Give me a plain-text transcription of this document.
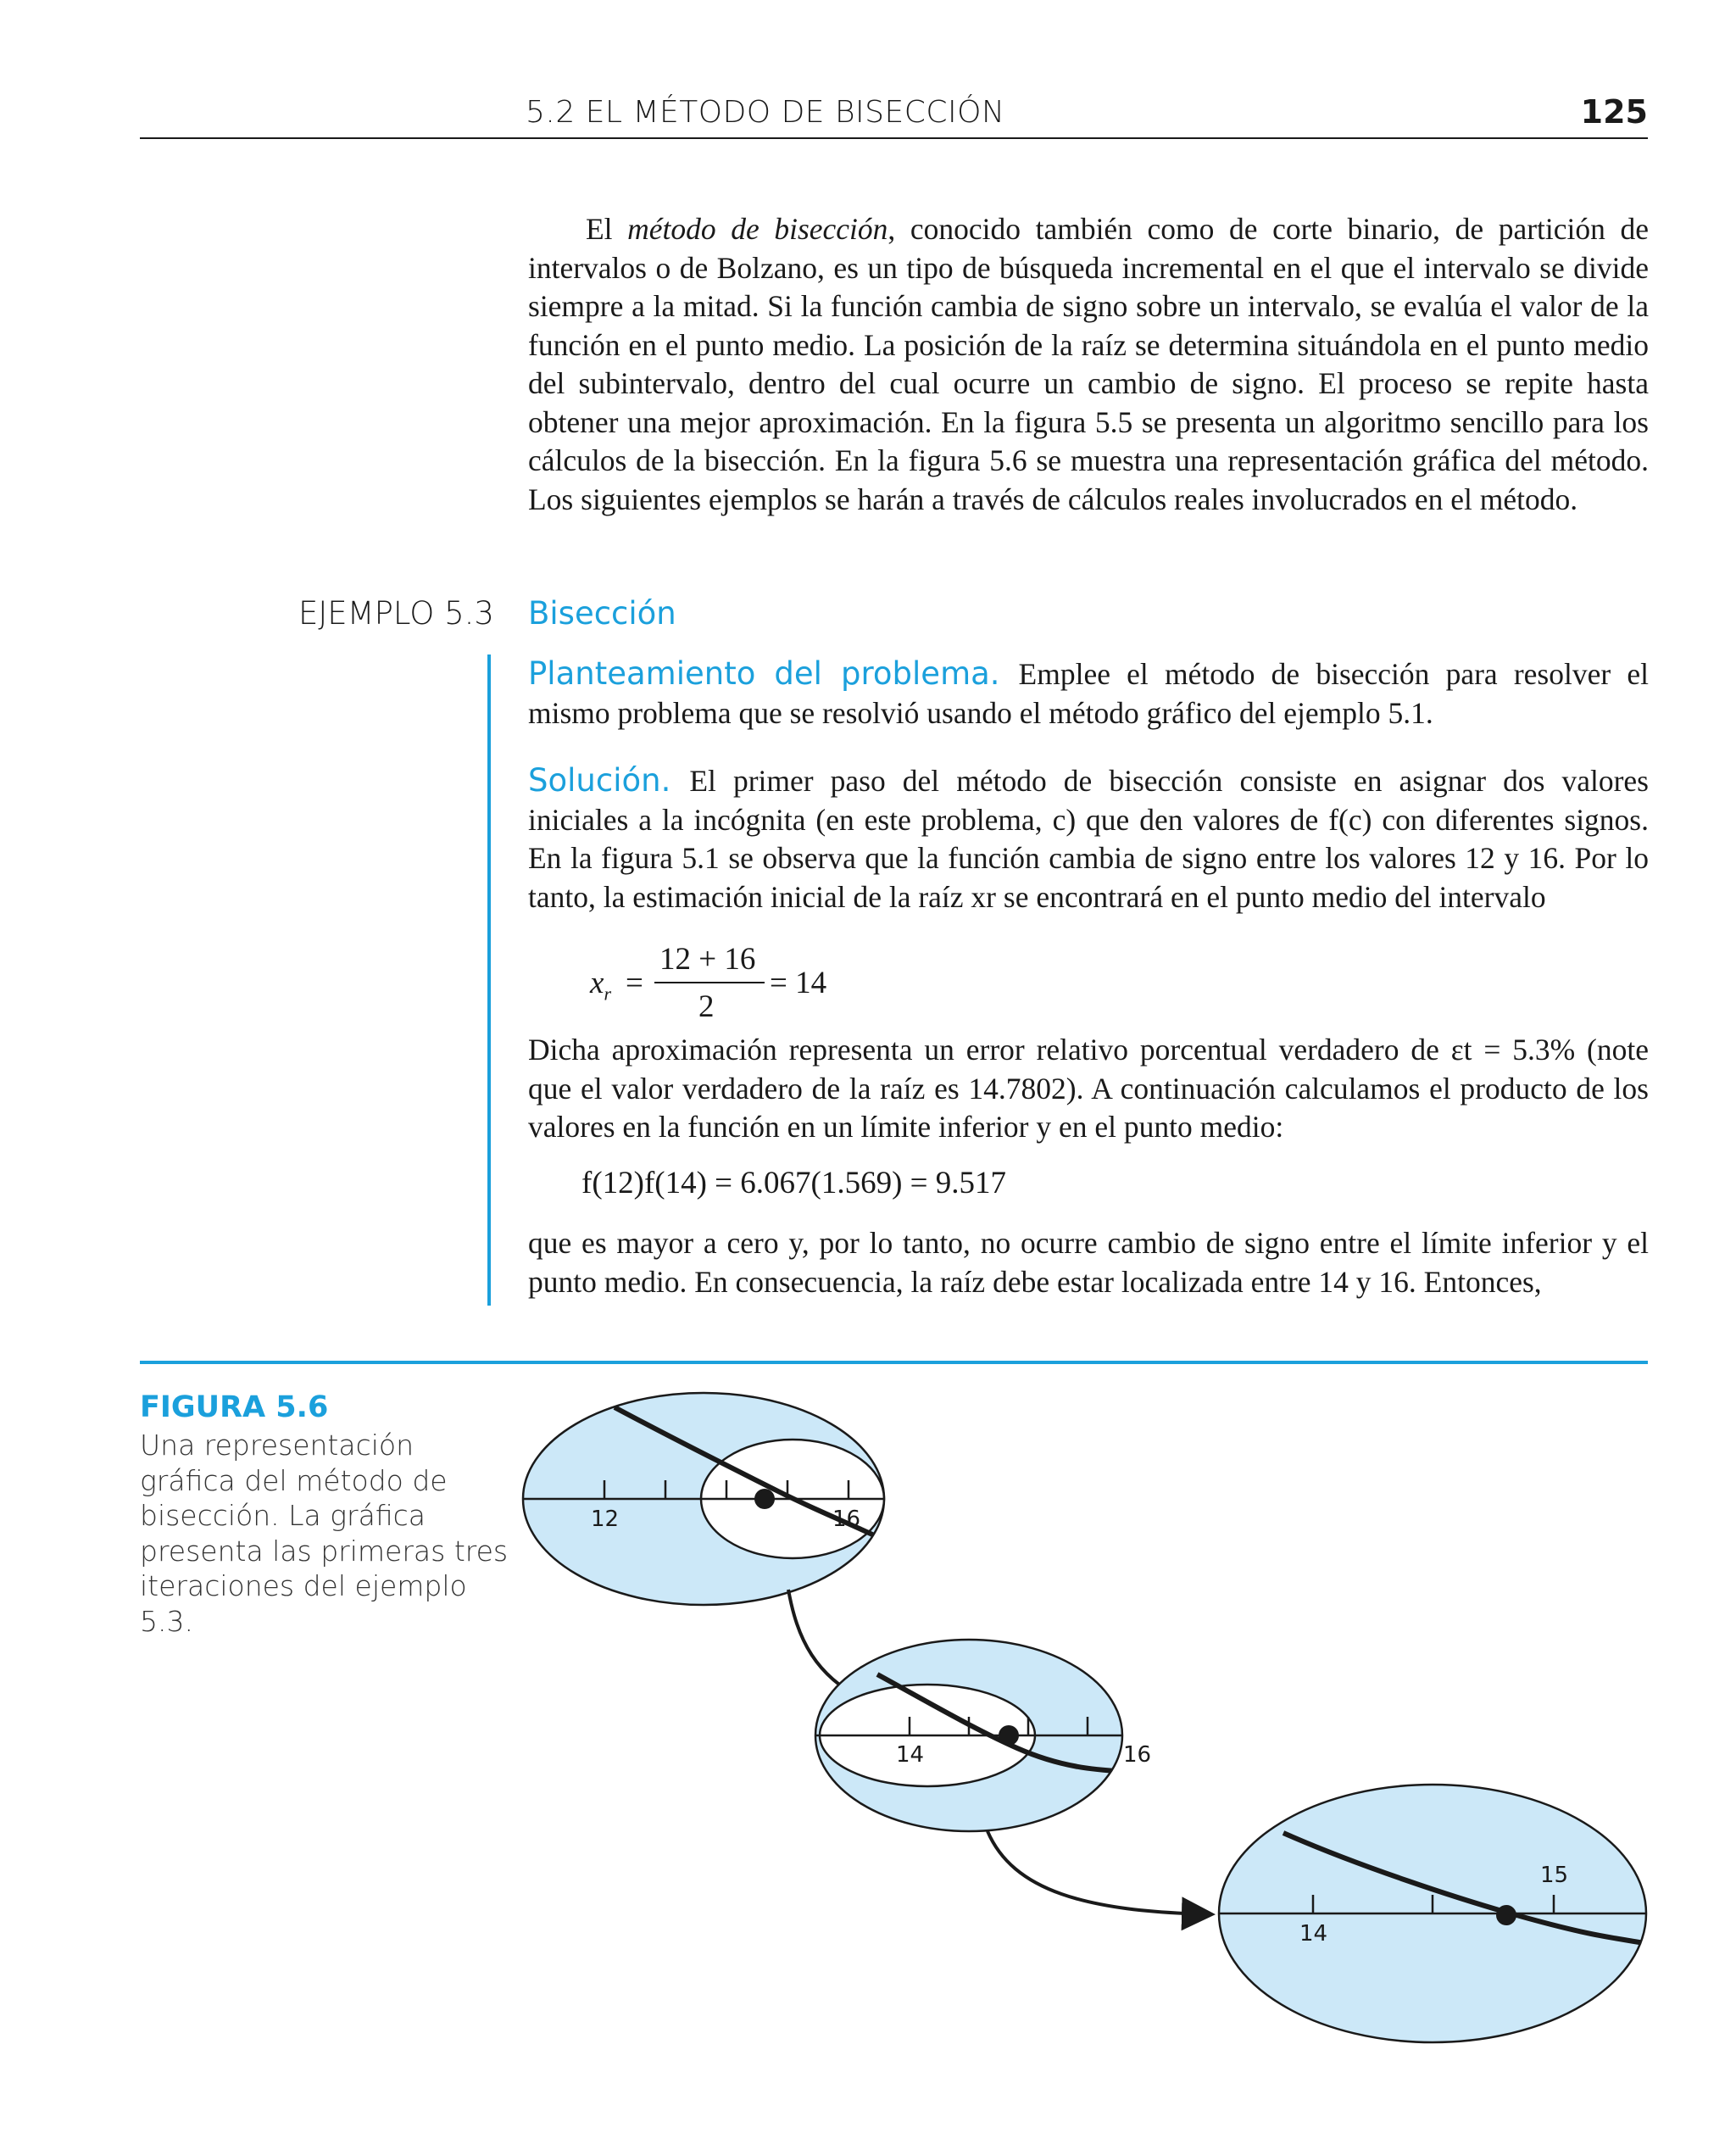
5.2 EL MÉTODO DE BISECCIÓN	125
El método de bisección, conocido también como de corte binario, de partición de intervalos o de Bolzano, es un tipo de búsqueda incremental en el que el intervalo se divide siempre a la mitad. Si la función cambia de signo sobre un intervalo, se evalúa el valor de la función en el punto medio. La posición de la raíz se determina situándola en el punto medio del subintervalo, dentro del cual ocurre un cambio de signo. El proceso se repite hasta obtener una mejor aproximación. En la figura 5.5 se presenta un algoritmo sencillo para los cálculos de la bisección. En la figura 5.6 se muestra una representación gráfica del método. Los siguientes ejemplos se harán a través de cálculos reales involucrados en el método.
EJEMPLO 5.3 Bisección
Planteamiento del problema. Emplee el método de bisección para resolver el mismo problema que se resolvió usando el método gráfico del ejemplo 5.1.
Solución. El primer paso del método de bisección consiste en asignar dos valores iniciales a la incógnita (en este problema, c) que den valores de f(c) con diferentes signos. En la figura 5.1 se observa que la función cambia de signo entre los valores 12 y 16. Por lo tanto, la estimación inicial de la raíz xr se encontrará en el punto medio del intervalo
$x_r$ =
12 + 16
2
= 14
Dicha aproximación representa un error relativo porcentual verdadero de εt = 5.3% (note que el valor verdadero de la raíz es 14.7802). A continuación calculamos el producto de los valores en la función en un límite inferior y en el punto medio:
f(12)f(14) = 6.067(1.569) = 9.517
que es mayor a cero y, por lo tanto, no ocurre cambio de signo entre el límite inferior y el punto medio. En consecuencia, la raíz debe estar localizada entre 14 y 16. Entonces,
FIGURA 5.6
Una representación gráfica del método de bisección. La gráfica presenta las primeras tres iteraciones del ejemplo 5.3.
12	16
14	16
14
15
